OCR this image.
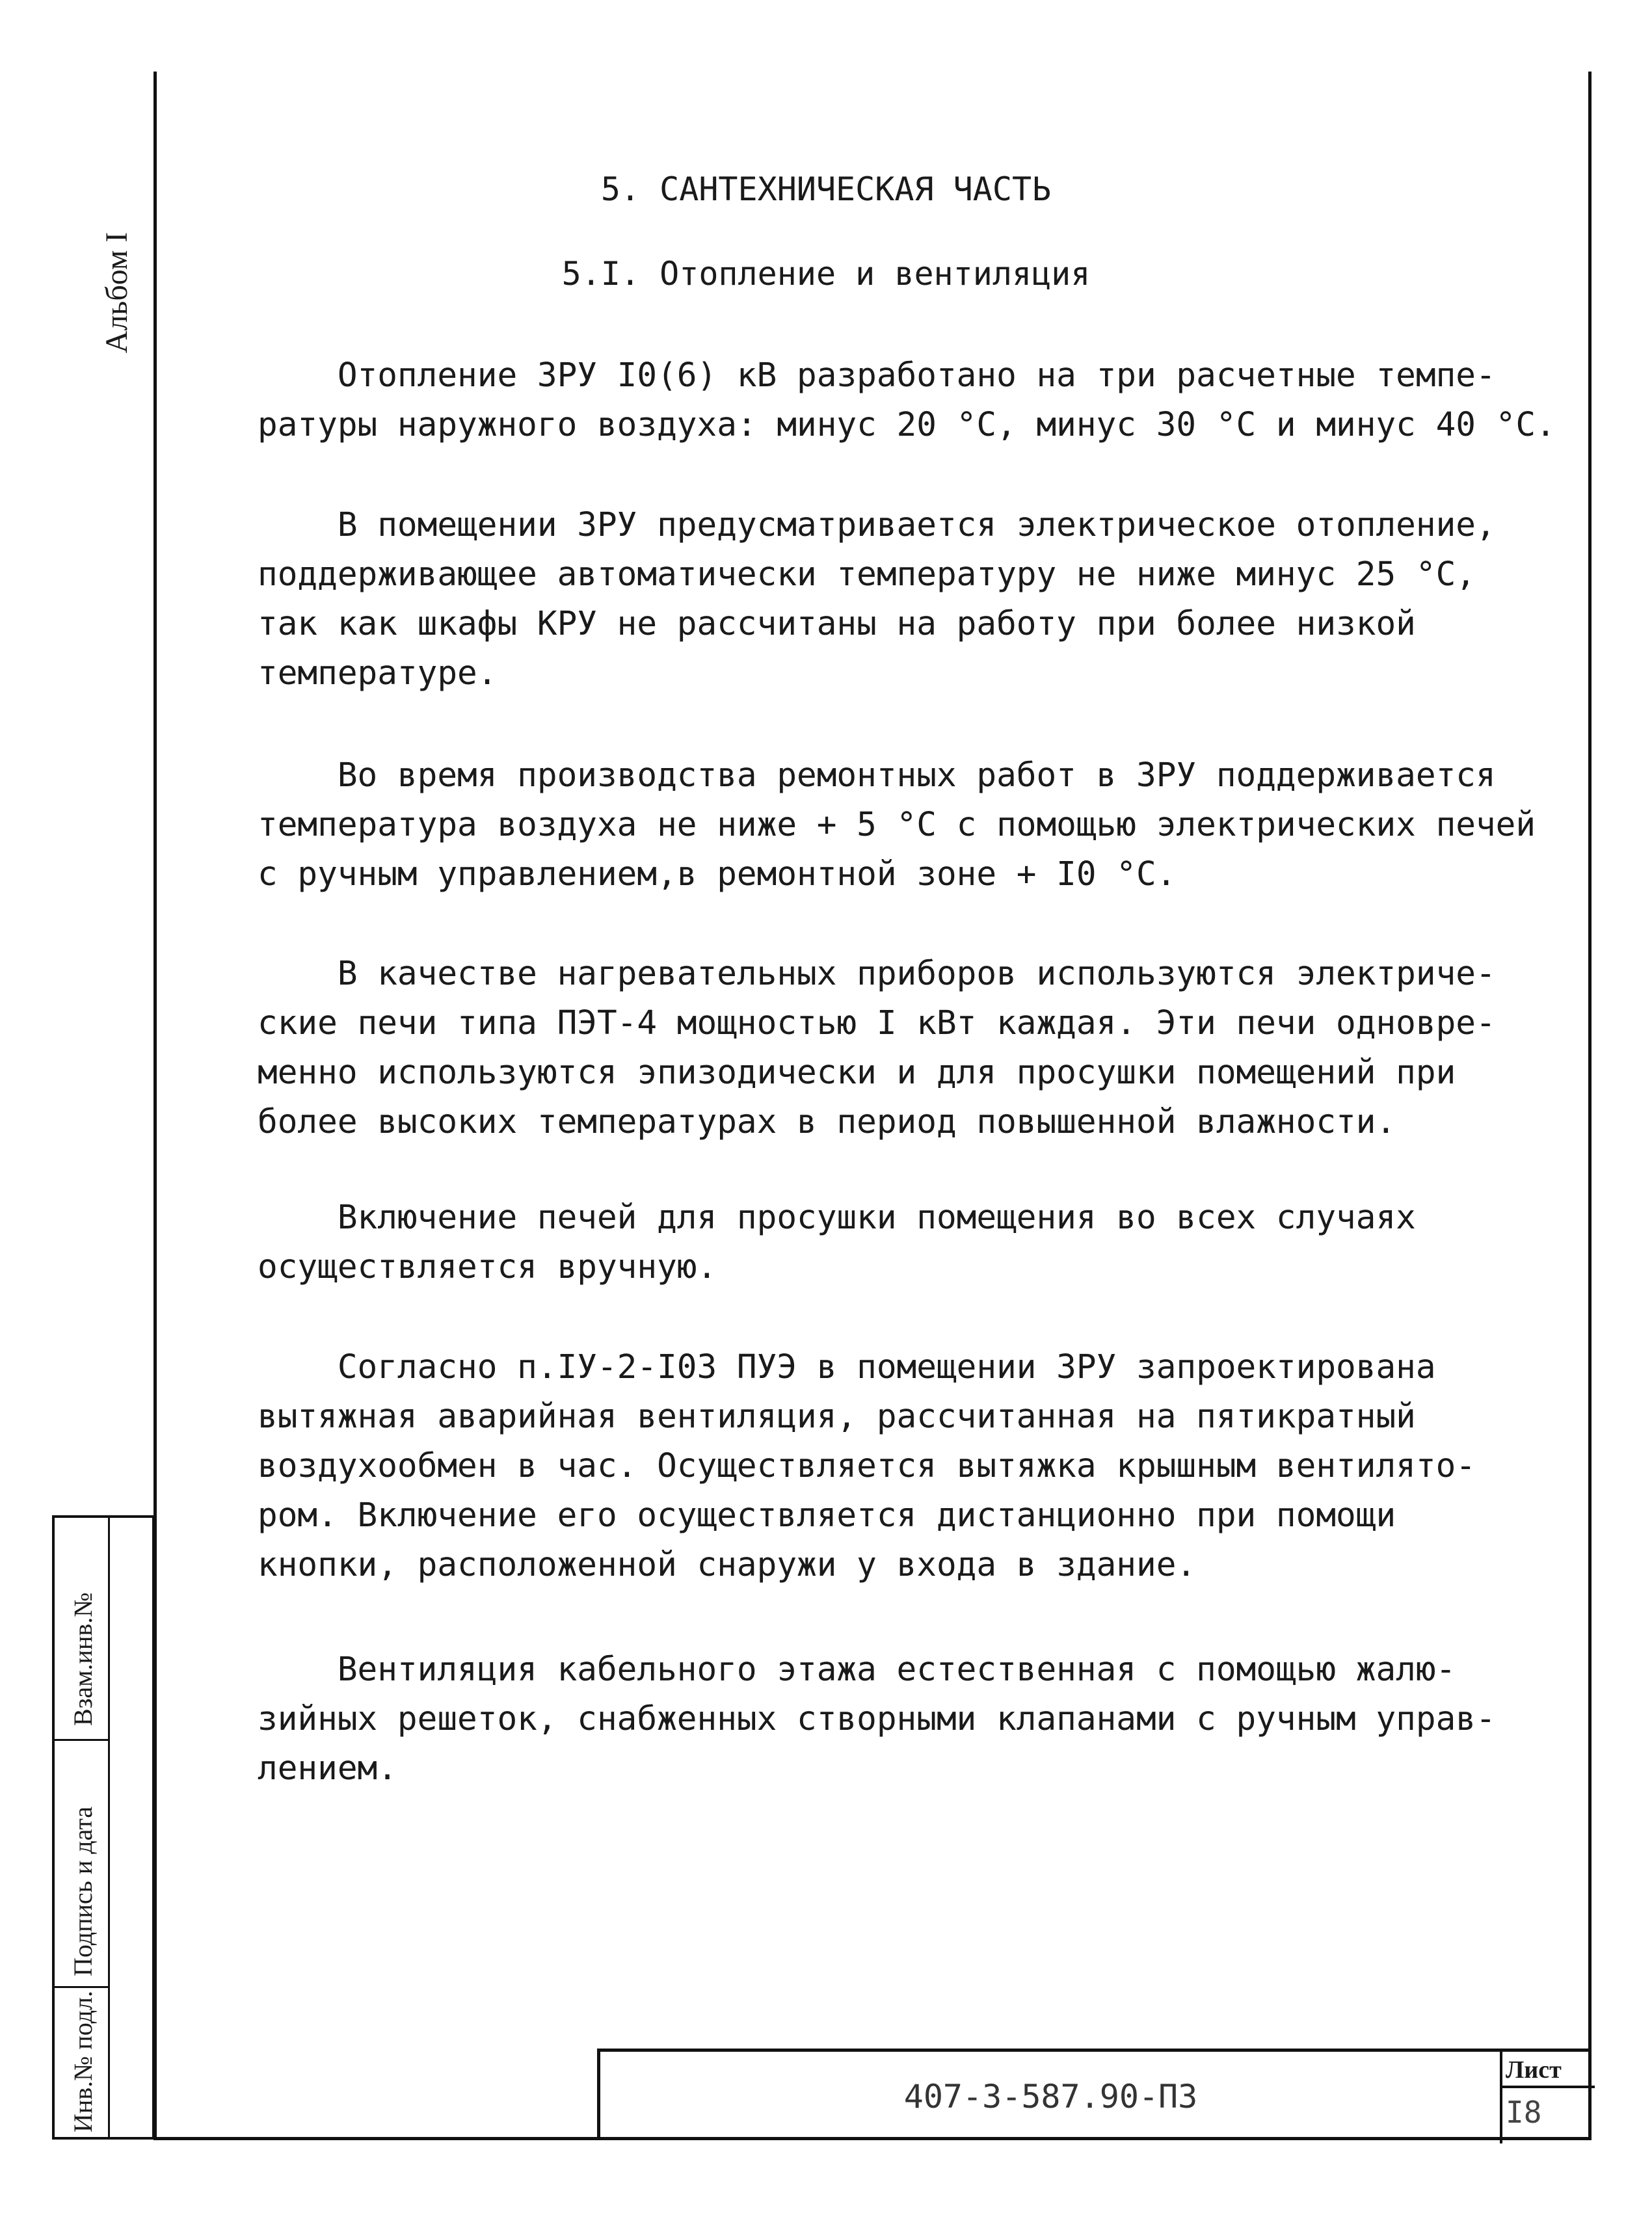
Альбом I
Взам.инв.№
Подпись и дата
Инв.№ подл.
5. САНТЕХНИЧЕСКАЯ ЧАСТЬ
5.I. Отопление и вентиляция
Отопление ЗРУ I0(6) кВ разработано на три расчетные темпе-
ратуры наружного воздуха: минус 20 °С, минус 30 °С и минус 40 °С.
В помещении ЗРУ предусматривается электрическое отопление,
поддерживающее автоматически температуру не ниже минус 25 °С,
так как шкафы КРУ не рассчитаны на работу при более низкой
температуре.
Во время производства ремонтных работ в ЗРУ поддерживается
температура воздуха не ниже + 5 °С с помощью электрических печей
с ручным управлением,в ремонтной зоне + I0 °С.
В качестве нагревательных приборов используются электриче-
ские печи типа ПЭТ-4 мощностью I кВт каждая. Эти печи одновре-
менно используются эпизодически и для просушки помещений при
более высоких температурах в период повышенной влажности.
Включение печей для просушки помещения во всех случаях
осуществляется вручную.
Согласно п.IУ-2-I03 ПУЭ в помещении ЗРУ запроектирована
вытяжная аварийная вентиляция, рассчитанная на пятикратный
воздухообмен в час. Осуществляется вытяжка крышным вентилято-
ром. Включение его осуществляется дистанционно при помощи
кнопки, расположенной снаружи у входа в здание.
Вентиляция кабельного этажа естественная с помощью жалю-
зийных решеток, снабженных створными клапанами с ручным управ-
лением.
407-3-587.90-ПЗ
Лист
I8
